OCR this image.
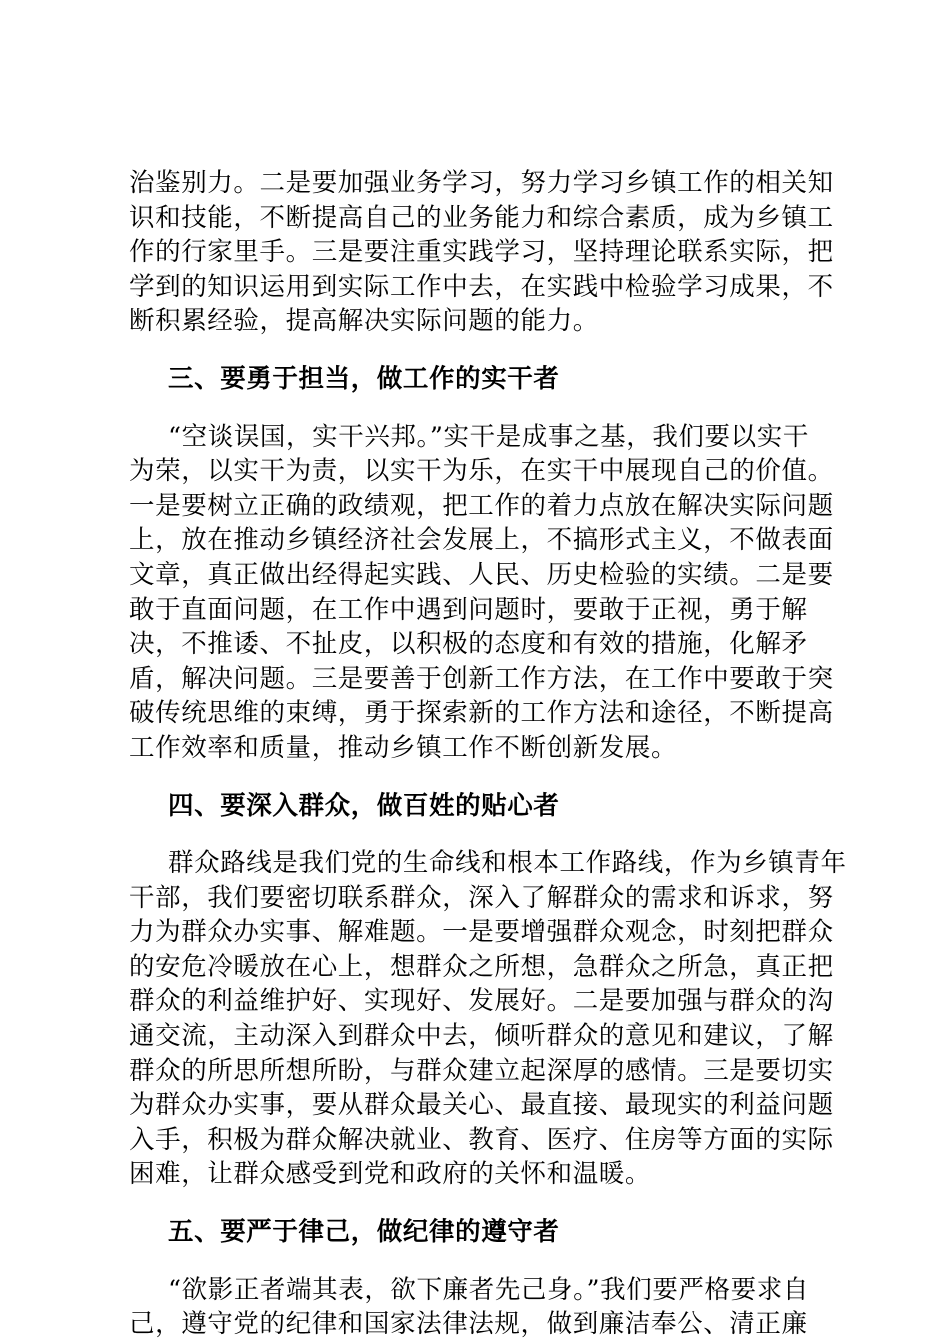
治鉴别力。二是要加强业务学习，努力学习乡镇工作的相关知
识和技能，不断提高自己的业务能力和综合素质，成为乡镇工
作的行家里手。三是要注重实践学习，坚持理论联系实际，把
学到的知识运用到实际工作中去，在实践中检验学习成果，不
断积累经验，提高解决实际问题的能力。
三、要勇于担当，做工作的实干者
“空谈误国，实干兴邦。”实干是成事之基，我们要以实干
为荣，以实干为责，以实干为乐，在实干中展现自己的价值。
一是要树立正确的政绩观，把工作的着力点放在解决实际问题
上，放在推动乡镇经济社会发展上，不搞形式主义，不做表面
文章，真正做出经得起实践、人民、历史检验的实绩。二是要
敢于直面问题，在工作中遇到问题时，要敢于正视，勇于解
决，不推诿、不扯皮，以积极的态度和有效的措施，化解矛
盾，解决问题。三是要善于创新工作方法，在工作中要敢于突
破传统思维的束缚，勇于探索新的工作方法和途径，不断提高
工作效率和质量，推动乡镇工作不断创新发展。
四、要深入群众，做百姓的贴心者
群众路线是我们党的生命线和根本工作路线，作为乡镇青年
干部，我们要密切联系群众，深入了解群众的需求和诉求，努
力为群众办实事、解难题。一是要增强群众观念，时刻把群众
的安危冷暖放在心上，想群众之所想，急群众之所急，真正把
群众的利益维护好、实现好、发展好。二是要加强与群众的沟
通交流，主动深入到群众中去，倾听群众的意见和建议，了解
群众的所思所想所盼，与群众建立起深厚的感情。三是要切实
为群众办实事，要从群众最关心、最直接、最现实的利益问题
入手，积极为群众解决就业、教育、医疗、住房等方面的实际
困难，让群众感受到党和政府的关怀和温暖。
五、要严于律己，做纪律的遵守者
“欲影正者端其表，欲下廉者先己身。”我们要严格要求自
己，遵守党的纪律和国家法律法规，做到廉洁奉公、清正廉
